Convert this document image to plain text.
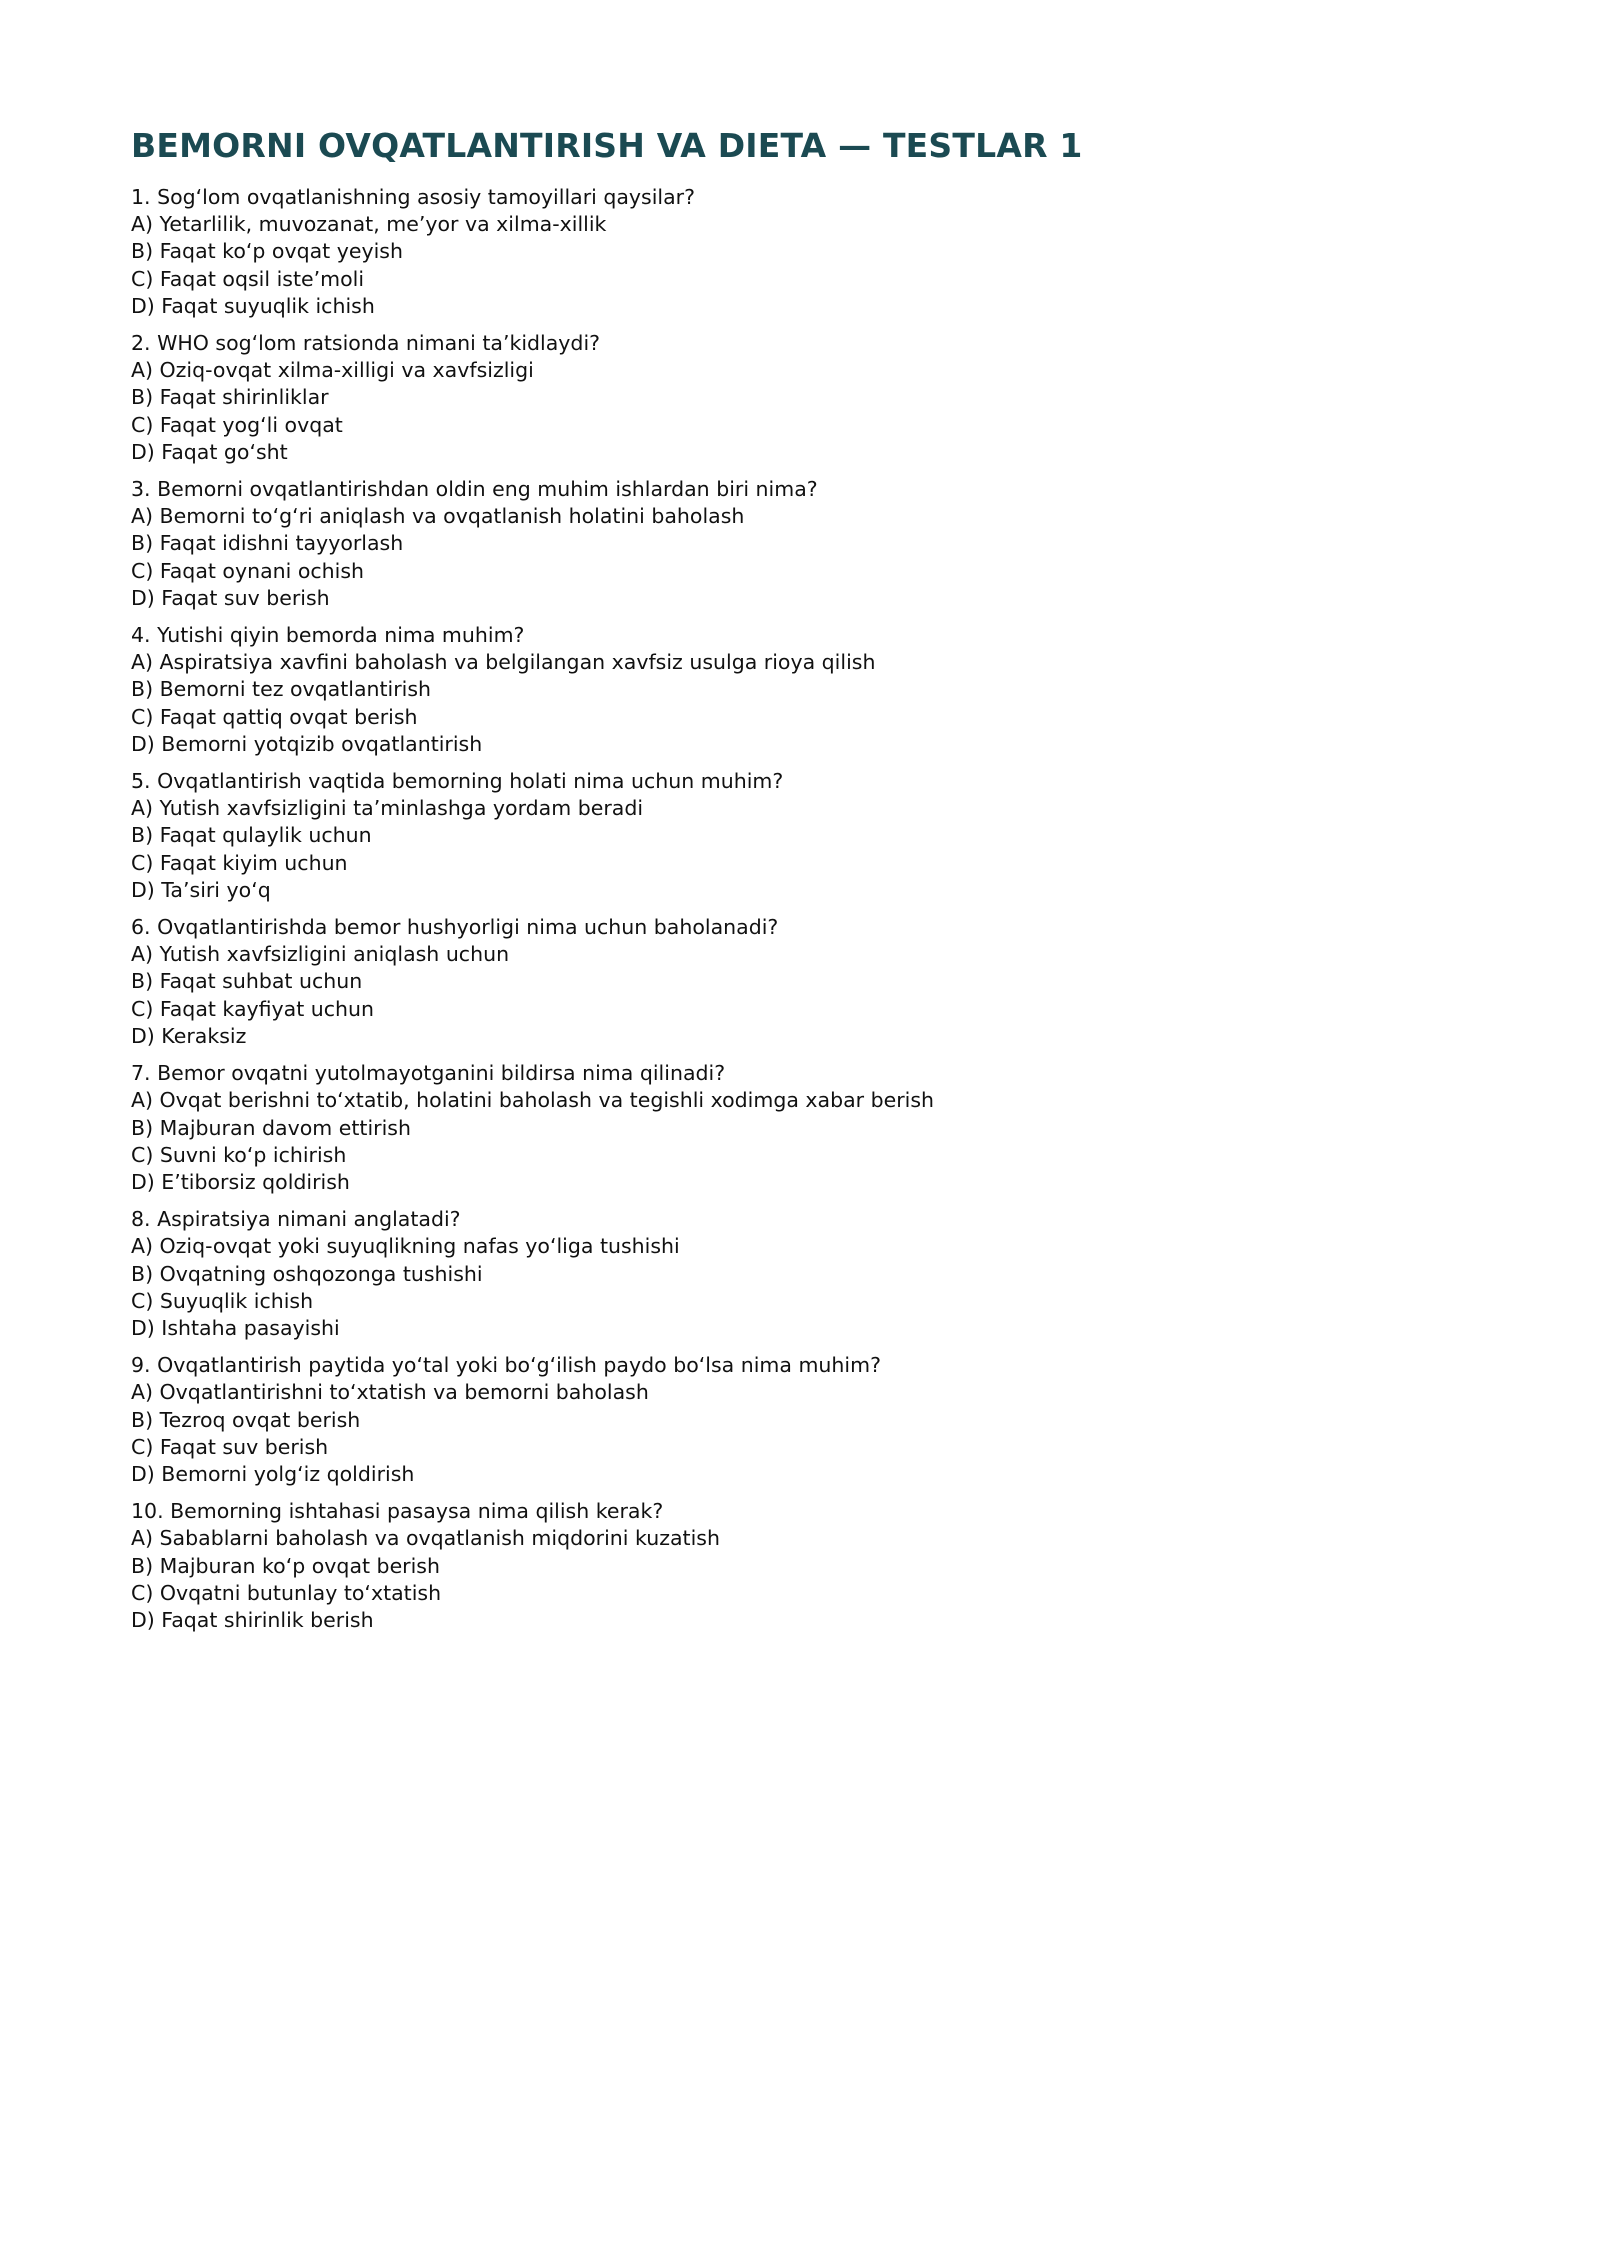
BEMORNI OVQATLANTIRISH VA DIETA — TESTLAR 1

1. Sog‘lom ovqatlanishning asosiy tamoyillari qaysilar?

A) Yetarlilik, muvozanat, me’yor va xilma-xillik

B) Faqat ko‘p ovqat yeyish

C) Faqat oqsil iste’moli

D) Faqat suyuqlik ichish

2. WHO sog‘lom ratsionda nimani ta’kidlaydi?

A) Oziq-ovqat xilma-xilligi va xavfsizligi

B) Faqat shirinliklar

C) Faqat yog‘li ovqat

D) Faqat go‘sht

3. Bemorni ovqatlantirishdan oldin eng muhim ishlardan biri nima?

A) Bemorni to‘g‘ri aniqlash va ovqatlanish holatini baholash

B) Faqat idishni tayyorlash

C) Faqat oynani ochish

D) Faqat suv berish

4. Yutishi qiyin bemorda nima muhim?

A) Aspiratsiya xavfini baholash va belgilangan xavfsiz usulga rioya qilish

B) Bemorni tez ovqatlantirish

C) Faqat qattiq ovqat berish

D) Bemorni yotqizib ovqatlantirish

5. Ovqatlantirish vaqtida bemorning holati nima uchun muhim?

A) Yutish xavfsizligini ta’minlashga yordam beradi

B) Faqat qulaylik uchun

C) Faqat kiyim uchun

D) Ta’siri yo‘q

6. Ovqatlantirishda bemor hushyorligi nima uchun baholanadi?

A) Yutish xavfsizligini aniqlash uchun

B) Faqat suhbat uchun

C) Faqat kayfiyat uchun

D) Keraksiz

7. Bemor ovqatni yutolmayotganini bildirsa nima qilinadi?

A) Ovqat berishni to‘xtatib, holatini baholash va tegishli xodimga xabar berish

B) Majburan davom ettirish

C) Suvni ko‘p ichirish

D) E’tiborsiz qoldirish

8. Aspiratsiya nimani anglatadi?

A) Oziq-ovqat yoki suyuqlikning nafas yo‘liga tushishi

B) Ovqatning oshqozonga tushishi

C) Suyuqlik ichish

D) Ishtaha pasayishi

9. Ovqatlantirish paytida yo‘tal yoki bo‘g‘ilish paydo bo‘lsa nima muhim?

A) Ovqatlantirishni to‘xtatish va bemorni baholash

B) Tezroq ovqat berish

C) Faqat suv berish

D) Bemorni yolg‘iz qoldirish

10. Bemorning ishtahasi pasaysa nima qilish kerak?

A) Sabablarni baholash va ovqatlanish miqdorini kuzatish

B) Majburan ko‘p ovqat berish

C) Ovqatni butunlay to‘xtatish

D) Faqat shirinlik berish
